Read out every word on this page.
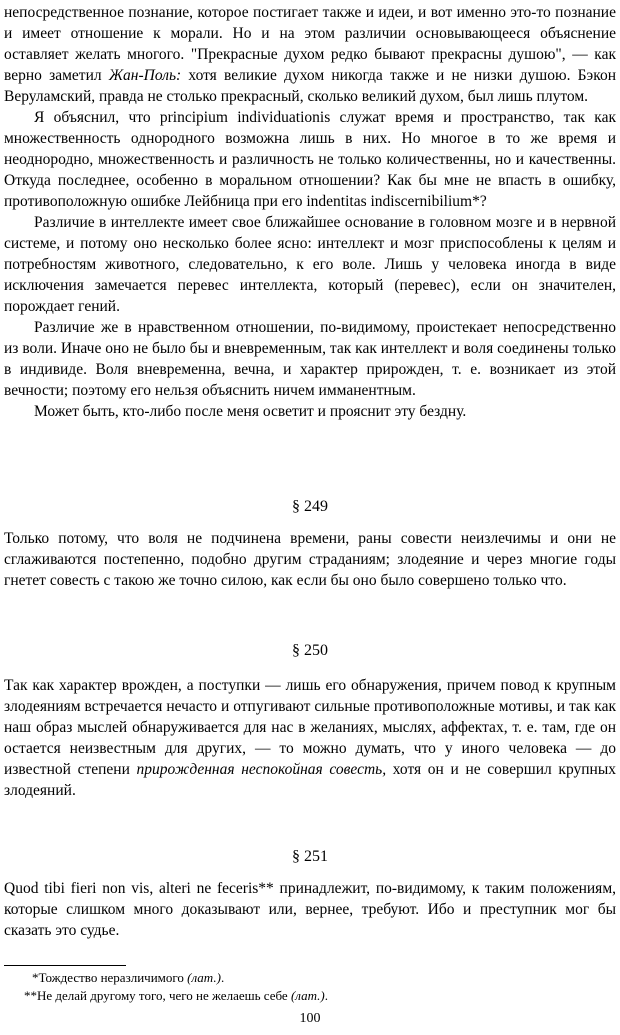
непосредственное познание, которое постигает также и идеи, и вот именно это-то познание и имеет отношение к морали. Но и на этом различии основывающееся объяснение оставляет желать многого. "Прекрасные духом редко бывают прекрасны душою", — как верно заметил Жан-Поль: хотя великие духом никогда также и не низки душою. Бэкон Веруламский, правда не столько прекрасный, сколько великий духом, был лишь плутом.

Я объяснил, что principium individuationis служат время и пространство, так как множественность однородного возможна лишь в них. Но многое в то же время и неоднородно, множественность и различность не только количественны, но и качественны. Откуда последнее, особенно в моральном отношении? Как бы мне не впасть в ошибку, противоположную ошибке Лейбница при его indentitas indiscernibilium*?

Различие в интеллекте имеет свое ближайшее основание в головном мозге и в нервной системе, и потому оно несколько более ясно: интеллект и мозг приспособлены к целям и потребностям животного, следовательно, к его воле. Лишь у человека иногда в виде исключения замечается перевес интеллекта, который (перевес), если он значителен, порождает гений.

Различие же в нравственном отношении, по-видимому, проистекает непосредственно из воли. Иначе оно не было бы и вневременным, так как интеллект и воля соединены только в индивиде. Воля вневременна, вечна, и характер прирожден, т. е. возникает из этой вечности; поэтому его нельзя объяснить ничем имманентным.

Может быть, кто-либо после меня осветит и прояснит эту бездну.

§ 249

Только потому, что воля не подчинена времени, раны совести неизлечимы и они не сглаживаются постепенно, подобно другим страданиям; злодеяние и через многие годы гнетет совесть с такою же точно силою, как если бы оно было совершено только что.

§ 250

Так как характер врожден, а поступки — лишь его обнаружения, причем повод к крупным злодеяниям встречается нечасто и отпугивают сильные противоположные мотивы, и так как наш образ мыслей обнаруживается для нас в желаниях, мыслях, аффектах, т. е. там, где он остается неизвестным для других, — то можно думать, что у иного человека — до известной степени прирожденная неспокойная совесть, хотя он и не совершил крупных злодеяний.

§ 251

Quod tibi fieri non vis, alteri ne feceris** принадлежит, по-видимому, к таким положениям, которые слишком много доказывают или, вернее, требуют. Ибо и преступник мог бы сказать это судье.

*Тождество неразличимого (лат.).

**Не делай другому того, чего не желаешь себе (лат.).

100
